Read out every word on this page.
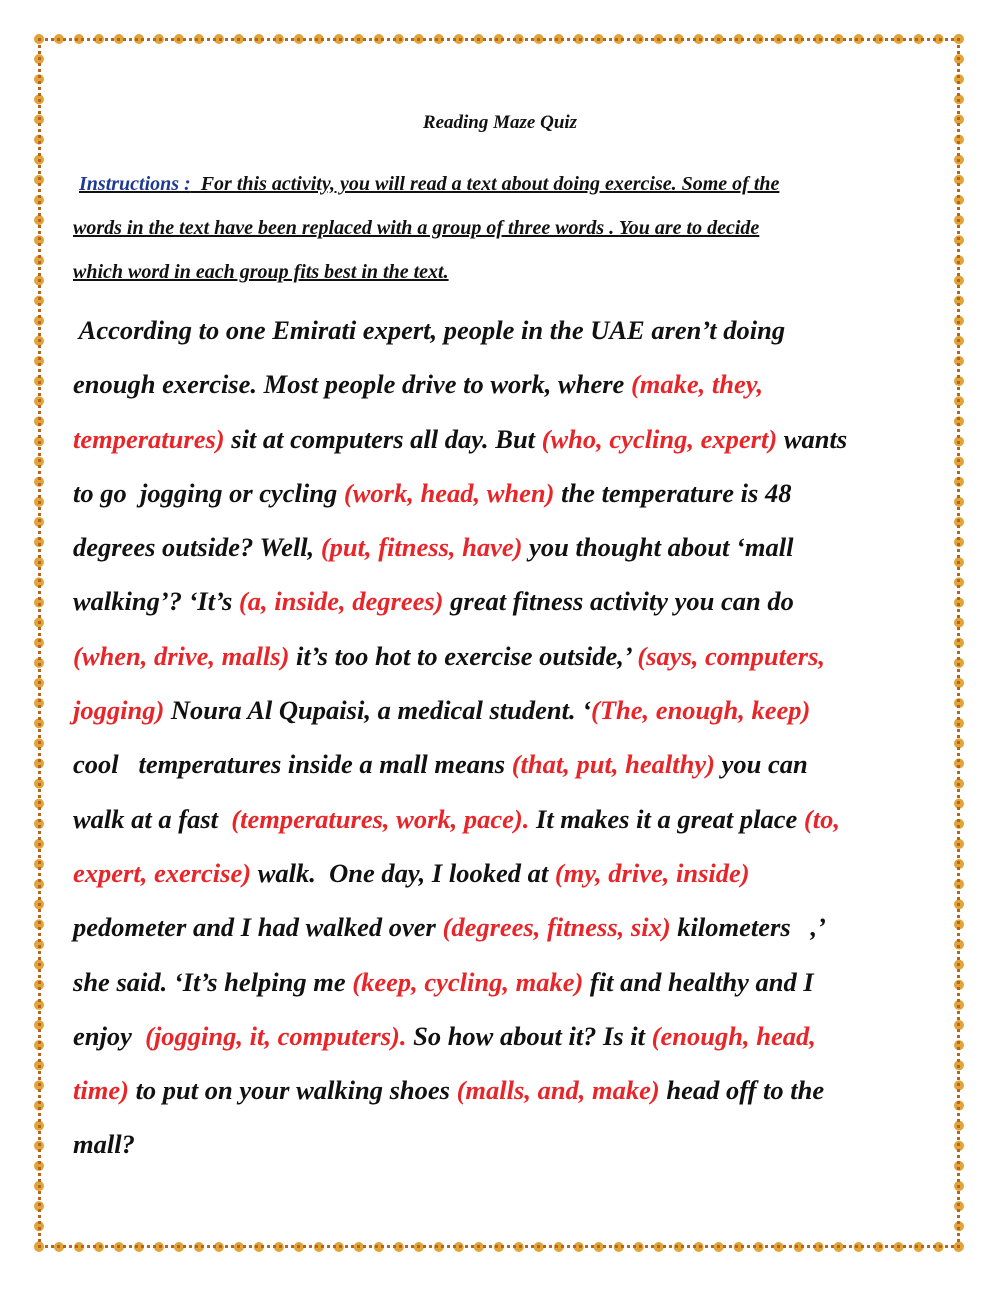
Reading Maze Quiz
Instructions :  For this activity, you will read a text about doing exercise. Some of the
words in the text have been replaced with a group of three words . You are to decide
which word in each group fits best in the text.
According to one Emirati expert, people in the UAE aren’t doing
enough exercise. Most people drive to work, where (make, they,
temperatures) sit at computers all day. But (who, cycling, expert) wants
to go  jogging or cycling (work, head, when) the temperature is 48
degrees outside? Well, (put, fitness, have) you thought about ‘mall
walking’? ‘It’s (a, inside, degrees) great fitness activity you can do
(when, drive, malls) it’s too hot to exercise outside,’ (says, computers,
jogging) Noura Al Qupaisi, a medical student. ‘(The, enough, keep)
cool   temperatures inside a mall means (that, put, healthy) you can
walk at a fast  (temperatures, work, pace). It makes it a great place (to,
expert, exercise) walk.  One day, I looked at (my, drive, inside)
pedometer and I had walked over (degrees, fitness, six) kilometers   ,’
she said. ‘It’s helping me (keep, cycling, make) fit and healthy and I
enjoy  (jogging, it, computers). So how about it? Is it (enough, head,
time) to put on your walking shoes (malls, and, make) head off to the
mall?
